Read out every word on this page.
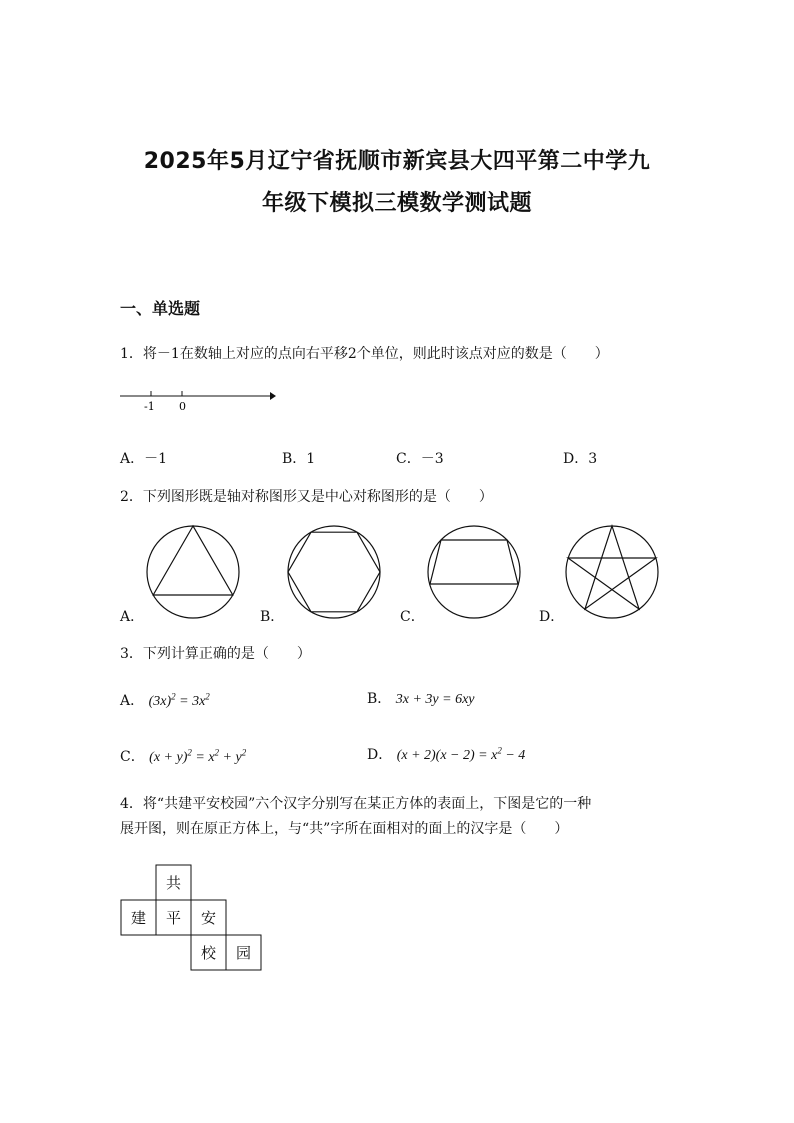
2025年5月辽宁省抚顺市新宾县大四平第二中学九
年级下模拟三模数学测试题
一、单选题
1．将－1在数轴上对应的点向右平移2个单位，则此时该点对应的数是（　　）
-1 0
A．－1	B．1	C．－3	D．3
2．下列图形既是轴对称图形又是中心对称图形的是（　　）
A．	B．	C．	D．
3．下列计算正确的是（　　）
A． $(3x)^2 = 3x^2$	B． 3x + 3y = 6xy
C． $(x + y)^2 = x^2 + y^2$	D． $(x + 2)(x - 2) = x^2 - 4$
4．将“共建平安校园”六个汉字分别写在某正方体的表面上，下图是它的一种
展开图，则在原正方体上，与“共”字所在面相对的面上的汉字是（　　）
共
建 平 安
校 园
